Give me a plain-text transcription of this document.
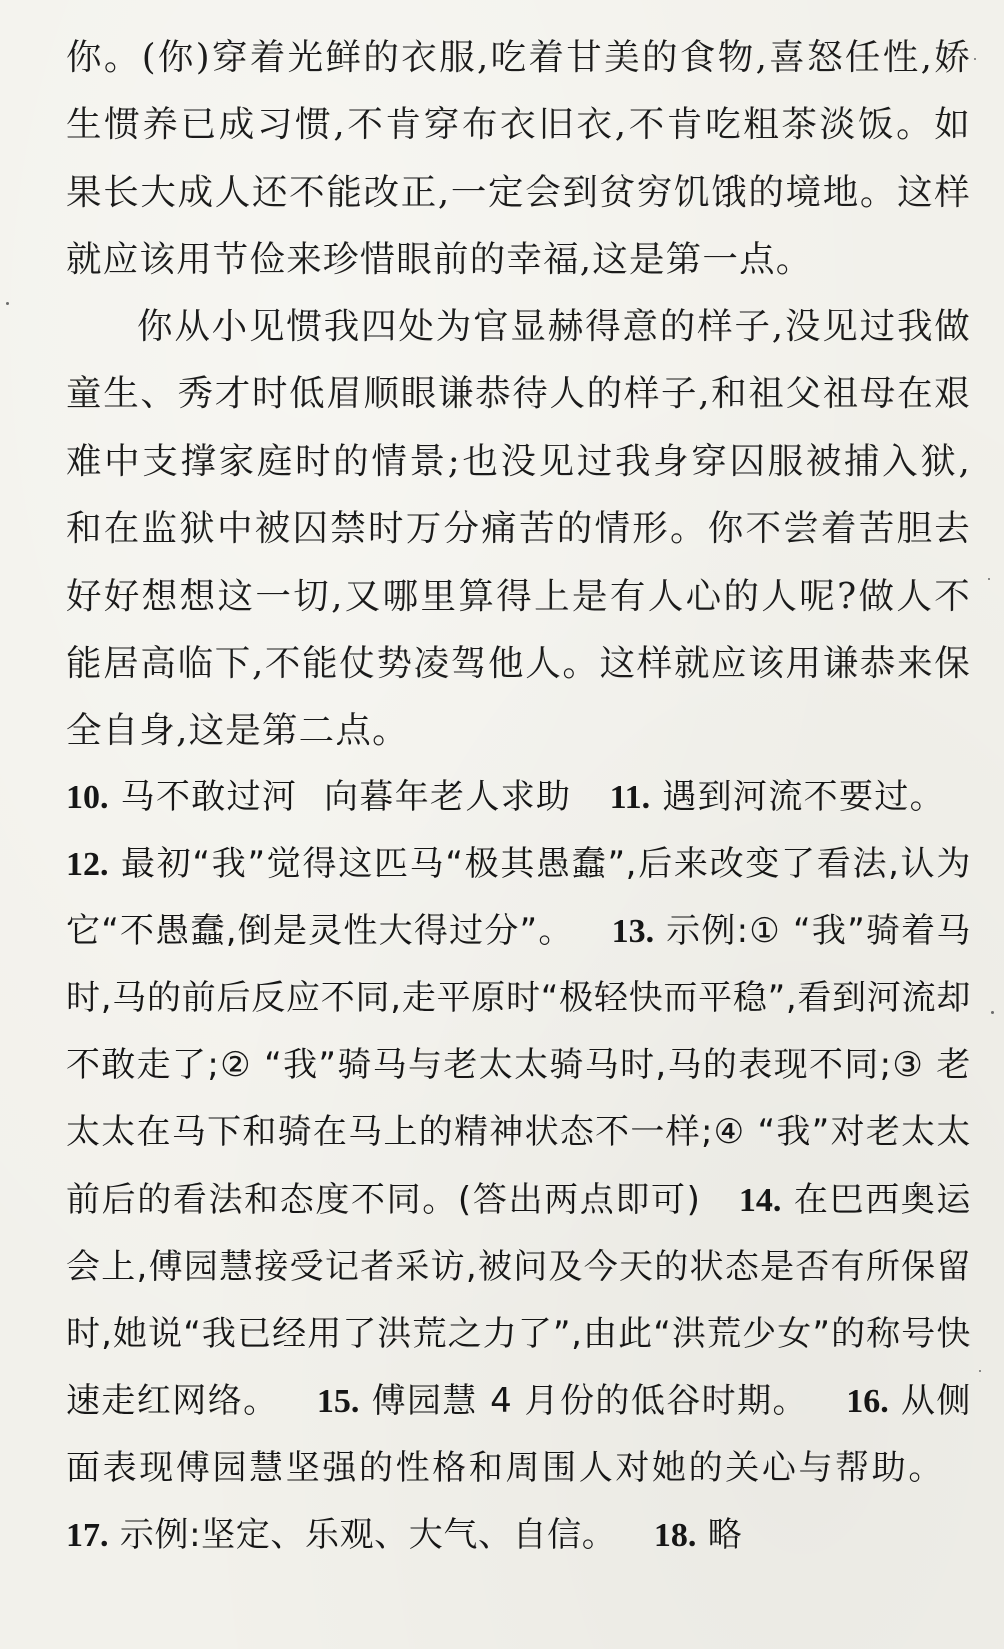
你。(你)穿着光鲜的衣服,吃着甘美的食物,喜怒任性,娇生惯养已成习惯,不肯穿布衣旧衣,不肯吃粗茶淡饭。如果长大成人还不能改正,一定会到贫穷饥饿的境地。这样就应该用节俭来珍惜眼前的幸福,这是第一点。
你从小见惯我四处为官显赫得意的样子,没见过我做童生、秀才时低眉顺眼谦恭待人的样子,和祖父祖母在艰难中支撑家庭时的情景;也没见过我身穿囚服被捕入狱,和在监狱中被囚禁时万分痛苦的情形。你不尝着苦胆去好好想想这一切,又哪里算得上是有人心的人呢?做人不能居高临下,不能仗势凌驾他人。这样就应该用谦恭来保全自身,这是第二点。
10. 马不敢过河 向暮年老人求助 11. 遇到河流不要过。 12. 最初“我”觉得这匹马“极其愚蠢”,后来改变了看法,认为它“不愚蠢,倒是灵性大得过分”。 13. 示例:① “我”骑着马时,马的前后反应不同,走平原时“极轻快而平稳”,看到河流却不敢走了;② “我”骑马与老太太骑马时,马的表现不同;③ 老太太在马下和骑在马上的精神状态不一样;④ “我”对老太太前后的看法和态度不同。(答出两点即可) 14. 在巴西奥运会上,傅园慧接受记者采访,被问及今天的状态是否有所保留时,她说“我已经用了洪荒之力了”,由此“洪荒少女”的称号快速走红网络。 15. 傅园慧 4 月份的低谷时期。 16. 从侧面表现傅园慧坚强的性格和周围人对她的关心与帮助。 17. 示例:坚定、乐观、大气、自信。 18. 略
